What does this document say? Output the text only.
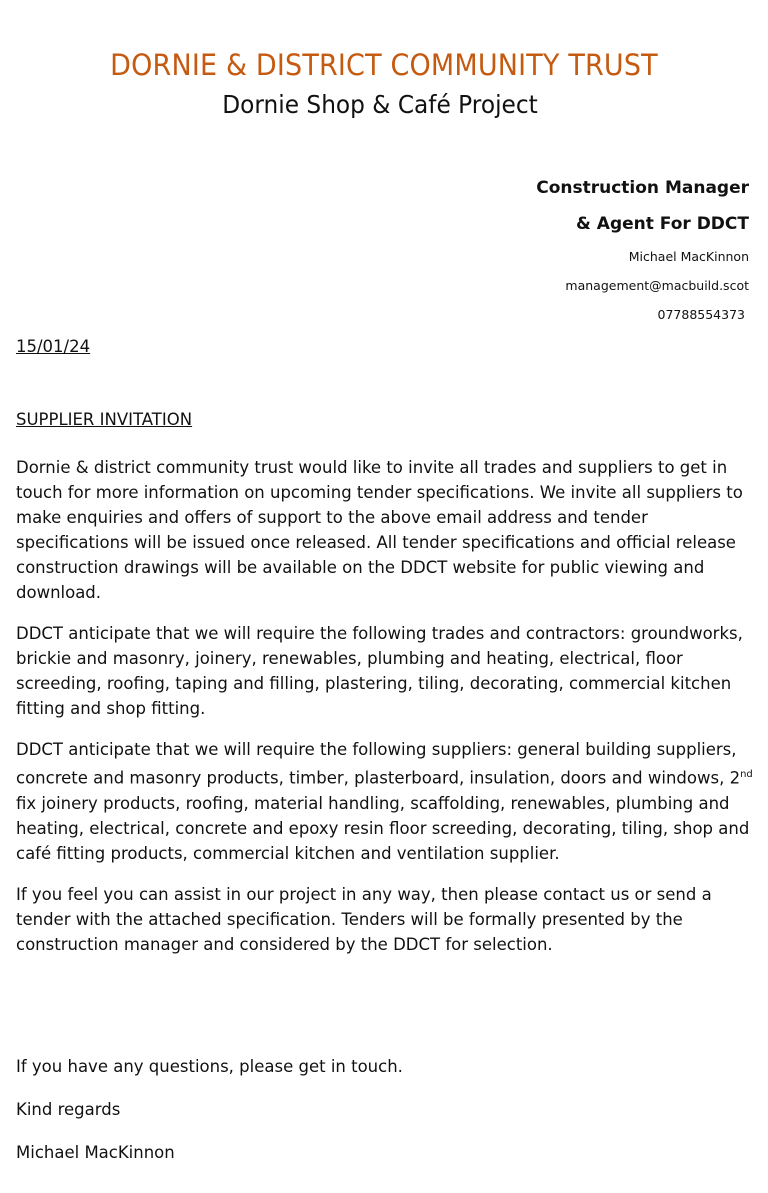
DORNIE & DISTRICT COMMUNITY TRUST
Dornie Shop & Café Project
Construction Manager
& Agent For DDCT
Michael MacKinnon
management@macbuild.scot
07788554373
15/01/24
SUPPLIER INVITATION

Dornie & district community trust would like to invite all trades and suppliers to get in touch for more information on upcoming tender specifications. We invite all suppliers to make enquiries and offers of support to the above email address and tender specifications will be issued once released. All tender specifications and official release construction drawings will be available on the DDCT website for public viewing and download.

DDCT anticipate that we will require the following trades and contractors: groundworks, brickie and masonry, joinery, renewables, plumbing and heating, electrical, floor screeding, roofing, taping and filling, plastering, tiling, decorating, commercial kitchen fitting and shop fitting.

DDCT anticipate that we will require the following suppliers: general building suppliers, concrete and masonry products, timber, plasterboard, insulation, doors and windows, 2nd fix joinery products, roofing, material handling, scaffolding, renewables, plumbing and heating, electrical, concrete and epoxy resin floor screeding, decorating, tiling, shop and café fitting products, commercial kitchen and ventilation supplier.

If you feel you can assist in our project in any way, then please contact us or send a tender with the attached specification. Tenders will be formally presented by the construction manager and considered by the DDCT for selection.

If you have any questions, please get in touch.
Kind regards
Michael MacKinnon
